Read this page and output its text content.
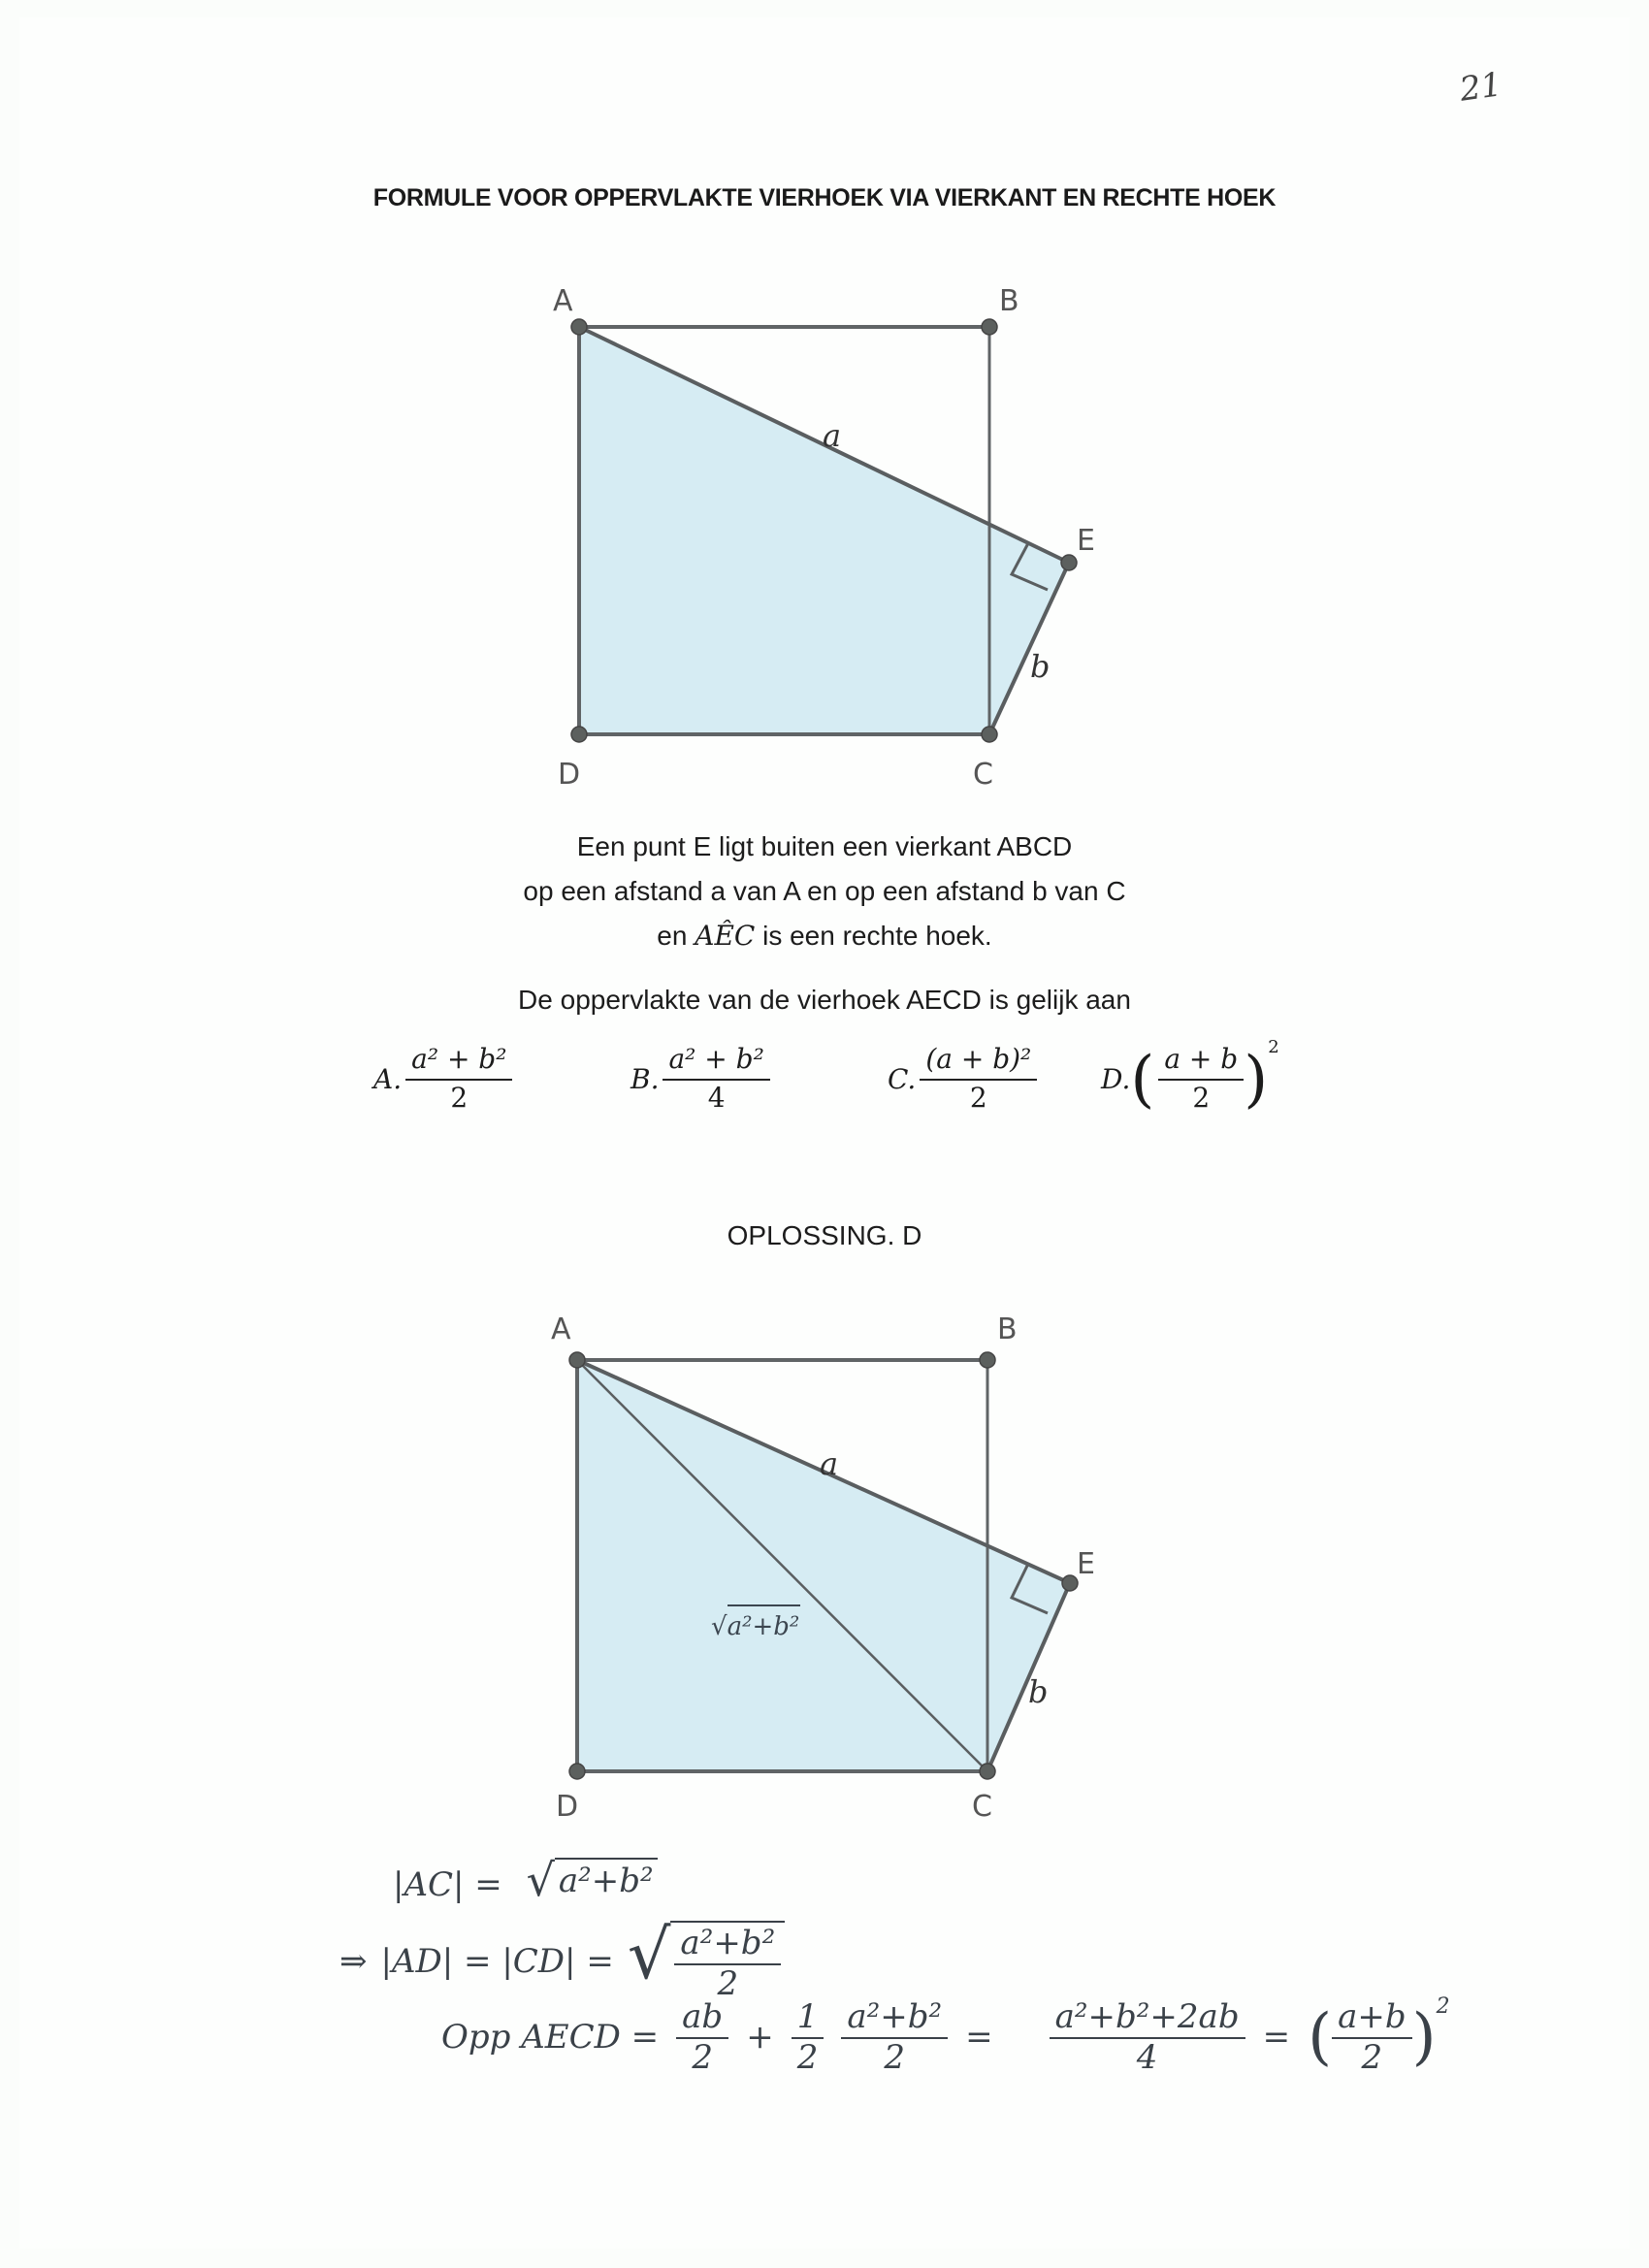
21
FORMULE VOOR OPPERVLAKTE VIERHOEK VIA VIERKANT EN RECHTE HOEK
A	B
E
D	C
a
b
Een punt E ligt buiten een vierkant ABCD
op een afstand a van A en op een afstand b van C
en AÊC is een rechte hoek.
De oppervlakte van de vierhoek AECD is gelijk aan
A. $\frac{\text{a² + b²}}{2}$	B. $\frac{\text{a² + b²}}{4}$	C. $\frac{\text{(a + b)²}}{2} D$. ( $\frac{a + b}{2}$ ) 2
OPLOSSING. D
A	B
E
D	C
a
b
√a²+b²
|AC| = √ a²+b²
⇒ |AD| = |CD| = √ $\frac{\text{a²+b²}}{2}$
Opp AECD = $\frac{ab}{2} + \frac{1}{2} \frac{\text{a²+b²}}{2} = \frac{\text{a²+b²+2ab}}{4}$ = ( $\frac{a+b}{2}$ ) 2
